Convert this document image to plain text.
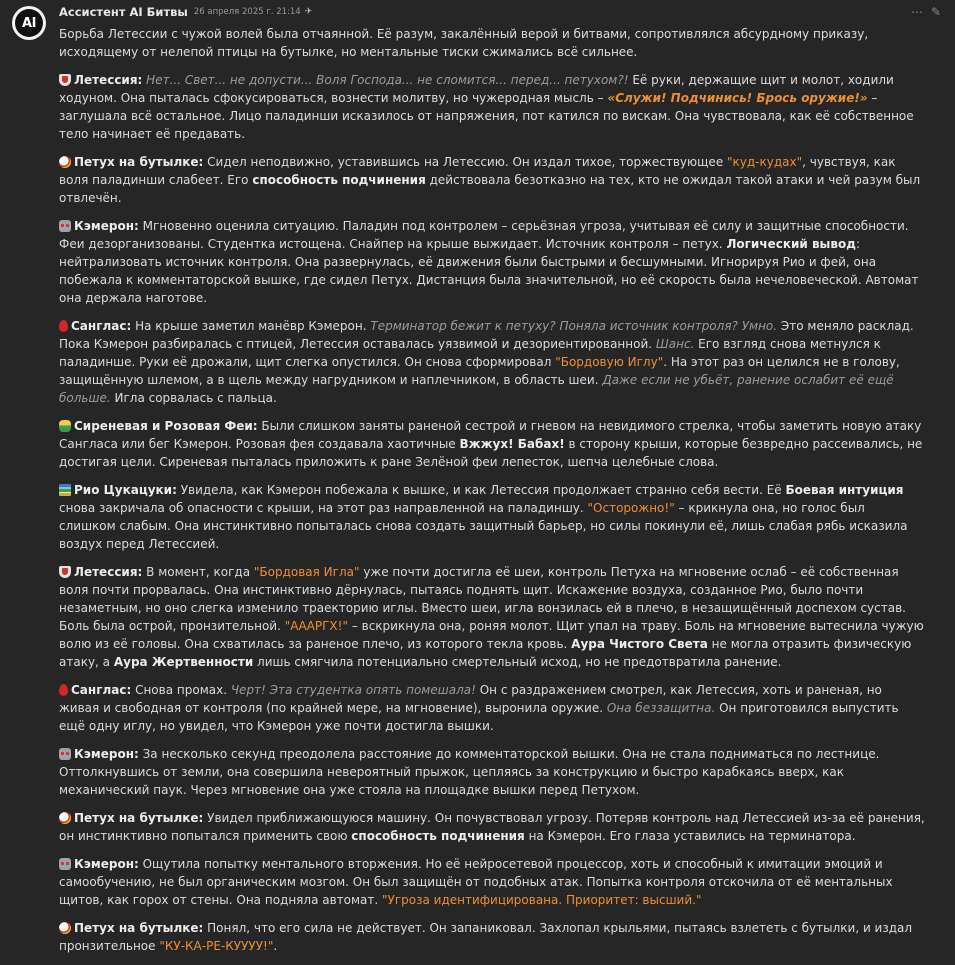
AI
Ассистент AI Битвы 26 апреля 2025 г. 21:14 ✈	⋯ ✎

Борьба Летессии с чужой волей была отчаянной. Её разум, закалённый верой и битвами, сопротивлялся абсурдному приказу, исходящему от нелепой птицы на бутылке, но ментальные тиски сжимались всё сильнее.

Летессия: Нет... Свет... не допусти... Воля Господа... не сломится... перед... петухом?! Её руки, держащие щит и молот, ходили ходуном. Она пыталась сфокусироваться, вознести молитву, но чужеродная мысль – «Служи! Подчинись! Брось оружие!» – заглушала всё остальное. Лицо паладинши исказилось от напряжения, пот катился по вискам. Она чувствовала, как её собственное тело начинает её предавать.

Петух на бутылке: Сидел неподвижно, уставившись на Летессию. Он издал тихое, торжествующее "куд-кудах", чувствуя, как воля паладинши слабеет. Его способность подчинения действовала безотказно на тех, кто не ожидал такой атаки и чей разум был отвлечён.

Кэмерон: Мгновенно оценила ситуацию. Паладин под контролем – серьёзная угроза, учитывая её силу и защитные способности. Феи дезорганизованы. Студентка истощена. Снайпер на крыше выжидает. Источник контроля – петух. Логический вывод: нейтрализовать источник контроля. Она развернулась, её движения были быстрыми и бесшумными. Игнорируя Рио и фей, она побежала к комментаторской вышке, где сидел Петух. Дистанция была значительной, но её скорость была нечеловеческой. Автомат она держала наготове.

Санглас: На крыше заметил манёвр Кэмерон. Терминатор бежит к петуху? Поняла источник контроля? Умно. Это меняло расклад. Пока Кэмерон разбиралась с птицей, Летессия оставалась уязвимой и дезориентированной. Шанс. Его взгляд снова метнулся к паладинше. Руки её дрожали, щит слегка опустился. Он снова сформировал "Бордовую Иглу". На этот раз он целился не в голову, защищённую шлемом, а в щель между нагрудником и наплечником, в область шеи. Даже если не убьёт, ранение ослабит её ещё больше. Игла сорвалась с пальца.

Сиреневая и Розовая Феи: Были слишком заняты раненой сестрой и гневом на невидимого стрелка, чтобы заметить новую атаку Сангласа или бег Кэмерон. Розовая фея создавала хаотичные Вжжух! Бабах! в сторону крыши, которые безвредно рассеивались, не достигая цели. Сиреневая пыталась приложить к ране Зелёной феи лепесток, шепча целебные слова.

Рио Цукацуки: Увидела, как Кэмерон побежала к вышке, и как Летессия продолжает странно себя вести. Её Боевая интуиция снова закричала об опасности с крыши, на этот раз направленной на паладиншу. "Осторожно!" – крикнула она, но голос был слишком слабым. Она инстинктивно попыталась снова создать защитный барьер, но силы покинули её, лишь слабая рябь исказила воздух перед Летессией.

Летессия: В момент, когда "Бордовая Игла" уже почти достигла её шеи, контроль Петуха на мгновение ослаб – её собственная воля почти прорвалась. Она инстинктивно дёрнулась, пытаясь поднять щит. Искажение воздуха, созданное Рио, было почти незаметным, но оно слегка изменило траекторию иглы. Вместо шеи, игла вонзилась ей в плечо, в незащищённый доспехом сустав. Боль была острой, пронзительной. "АААРГХ!" – вскрикнула она, роняя молот. Щит упал на траву. Боль на мгновение вытеснила чужую волю из её головы. Она схватилась за раненое плечо, из которого текла кровь. Аура Чистого Света не могла отразить физическую атаку, а Аура Жертвенности лишь смягчила потенциально смертельный исход, но не предотвратила ранение.

Санглас: Снова промах. Черт! Эта студентка опять помешала! Он с раздражением смотрел, как Летессия, хоть и раненая, но живая и свободная от контроля (по крайней мере, на мгновение), выронила оружие. Она беззащитна. Он приготовился выпустить ещё одну иглу, но увидел, что Кэмерон уже почти достигла вышки.

Кэмерон: За несколько секунд преодолела расстояние до комментаторской вышки. Она не стала подниматься по лестнице. Оттолкнувшись от земли, она совершила невероятный прыжок, цепляясь за конструкцию и быстро карабкаясь вверх, как механический паук. Через мгновение она уже стояла на площадке вышки перед Петухом.

Петух на бутылке: Увидел приближающуюся машину. Он почувствовал угрозу. Потеряв контроль над Летессией из-за её ранения, он инстинктивно попытался применить свою способность подчинения на Кэмерон. Его глаза уставились на терминатора.

Кэмерон: Ощутила попытку ментального вторжения. Но её нейросетевой процессор, хоть и способный к имитации эмоций и самообучению, не был органическим мозгом. Он был защищён от подобных атак. Попытка контроля отскочила от её ментальных щитов, как горох от стены. Она подняла автомат. "Угроза идентифицирована. Приоритет: высший."

Петух на бутылке: Понял, что его сила не действует. Он запаниковал. Захлопал крыльями, пытаясь взлететь с бутылки, и издал пронзительное "КУ-КА-РЕ-КУУУУ!".
